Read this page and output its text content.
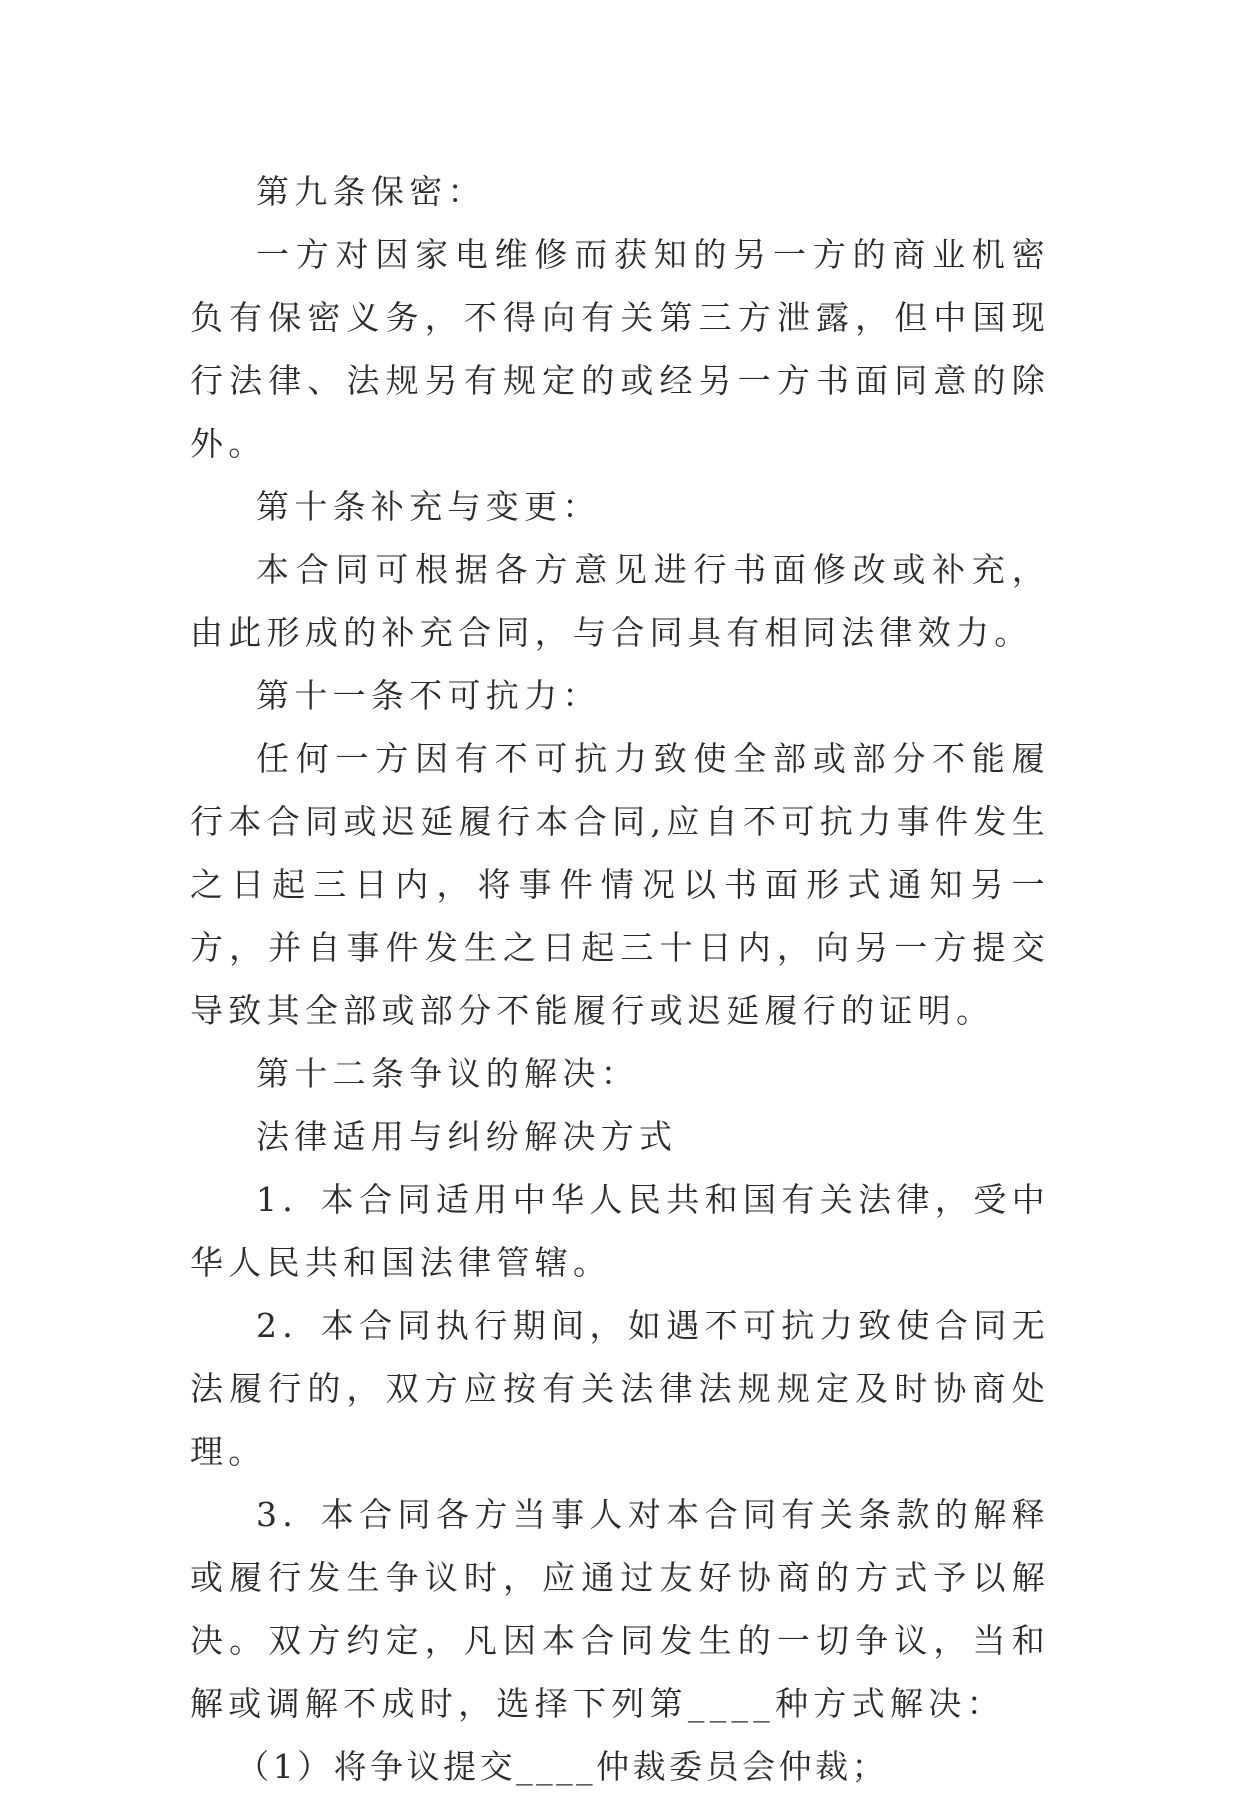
第九条保密：

一方对因家电维修而获知的另一方的商业机密负有保密义务，不得向有关第三方泄露，但中国现行法律、法规另有规定的或经另一方书面同意的除外。

第十条补充与变更：

本合同可根据各方意见进行书面修改或补充，由此形成的补充合同，与合同具有相同法律效力。

第十一条不可抗力：

任何一方因有不可抗力致使全部或部分不能履行本合同或迟延履行本合同,应自不可抗力事件发生之日起三日内，将事件情况以书面形式通知另一方，并自事件发生之日起三十日内，向另一方提交导致其全部或部分不能履行或迟延履行的证明。

第十二条争议的解决：

法律适用与纠纷解决方式

1．本合同适用中华人民共和国有关法律，受中华人民共和国法律管辖。

2．本合同执行期间，如遇不可抗力致使合同无法履行的，双方应按有关法律法规规定及时协商处理。

3．本合同各方当事人对本合同有关条款的解释或履行发生争议时，应通过友好协商的方式予以解决。双方约定，凡因本合同发生的一切争议，当和解或调解不成时，选择下列第____种方式解决：

（1）将争议提交____仲裁委员会仲裁；
